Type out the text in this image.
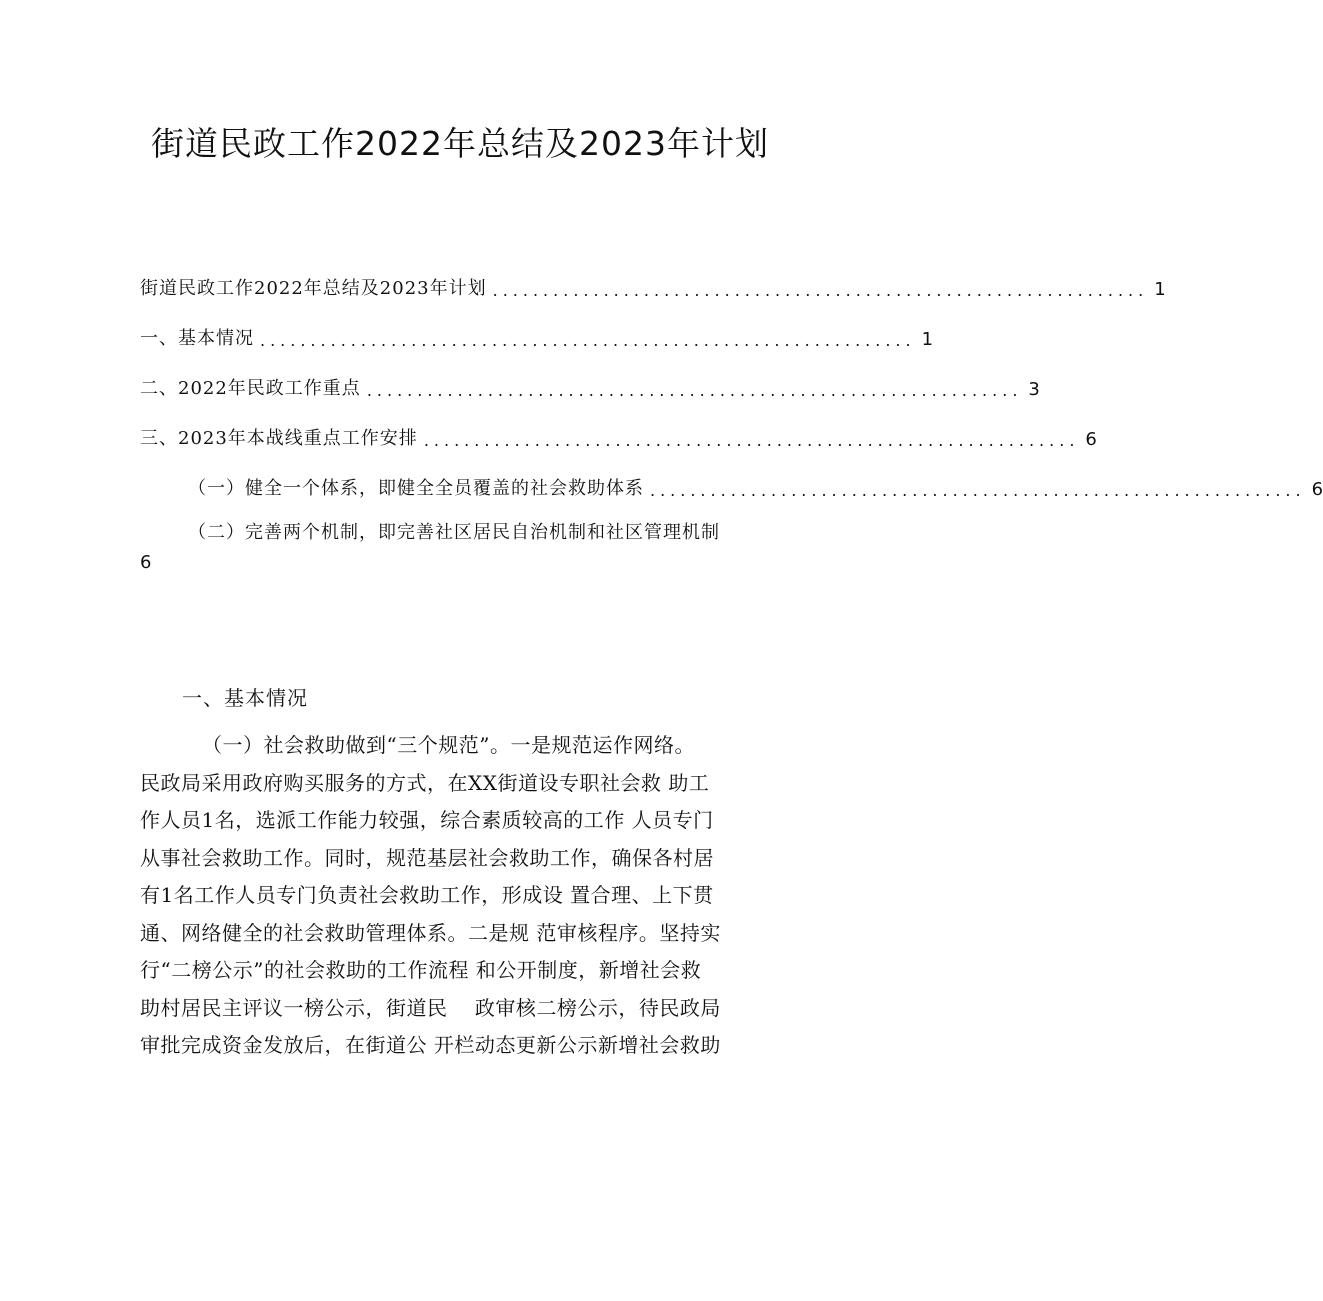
街道民政工作2022年总结及2023年计划
街道民政工作2022年总结及2023年计划 ................................................................. 1
一、基本情况 ................................................................. 1
二、2022年民政工作重点 ................................................................. 3
三、2023年本战线重点工作安排 ................................................................. 6
（一）健全一个体系，即健全全员覆盖的社会救助体系 ................................................................. 6
（二）完善两个机制，即完善社区居民自治机制和社区管理机制
6
一、基本情况
（一）社会救助做到“三个规范”。一是规范运作网络。
民政局采用政府购买服务的方式，在XX街道设专职社会救 助工
作人员1名，选派工作能力较强，综合素质较高的工作 人员专门
从事社会救助工作。同时，规范基层社会救助工作，确保各村居
有1名工作人员专门负责社会救助工作，形成设 置合理、上下贯
通、网络健全的社会救助管理体系。二是规 范审核程序。坚持实
行“二榜公示”的社会救助的工作流程 和公开制度，新增社会救
助村居民主评议一榜公示，街道民　 政审核二榜公示，待民政局
审批完成资金发放后，在街道公 开栏动态更新公示新增社会救助
